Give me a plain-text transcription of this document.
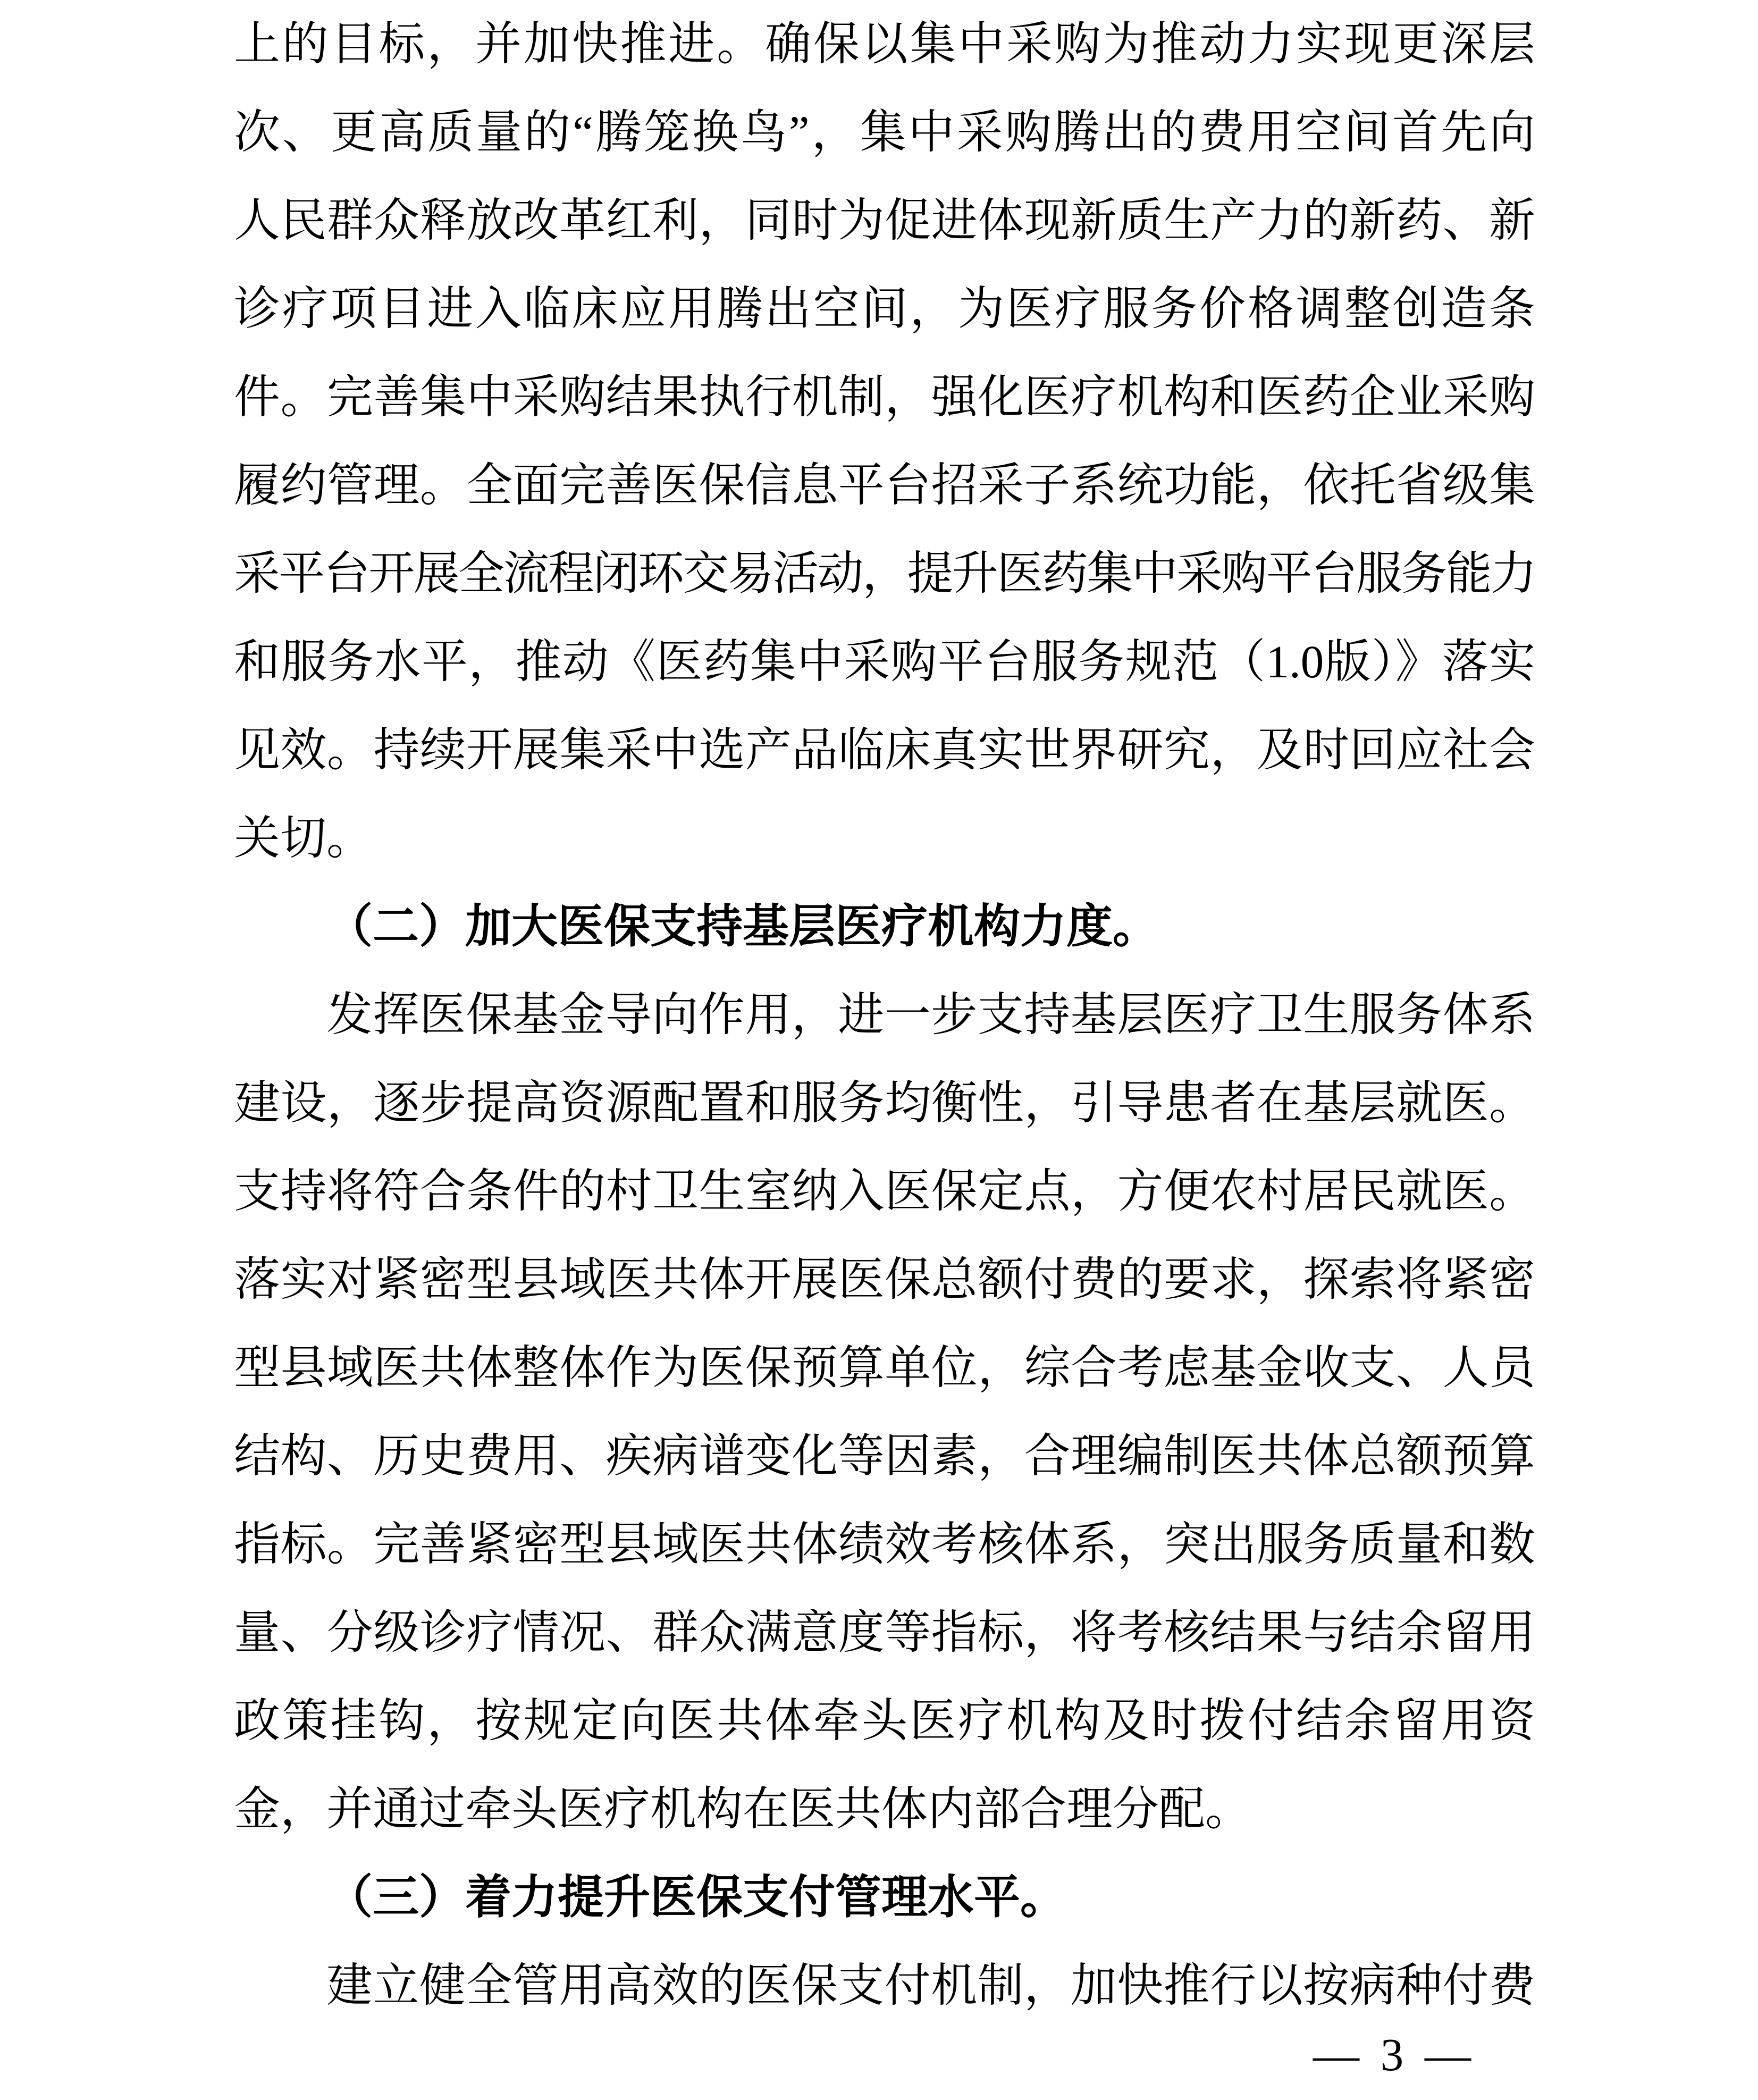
上的目标，并加快推进。确保以集中采购为推动力实现更深层
次、更高质量的“腾笼换鸟”，集中采购腾出的费用空间首先向
人民群众释放改革红利，同时为促进体现新质生产力的新药、新
诊疗项目进入临床应用腾出空间，为医疗服务价格调整创造条
件。完善集中采购结果执行机制，强化医疗机构和医药企业采购
履约管理。全面完善医保信息平台招采子系统功能，依托省级集
采平台开展全流程闭环交易活动，提升医药集中采购平台服务能力
和服务水平，推动《医药集中采购平台服务规范（1.0版）》落实
见效。持续开展集采中选产品临床真实世界研究，及时回应社会
关切。
（二）加大医保支持基层医疗机构力度。
发挥医保基金导向作用，进一步支持基层医疗卫生服务体系
建设，逐步提高资源配置和服务均衡性，引导患者在基层就医。
支持将符合条件的村卫生室纳入医保定点，方便农村居民就医。
落实对紧密型县域医共体开展医保总额付费的要求，探索将紧密
型县域医共体整体作为医保预算单位，综合考虑基金收支、人员
结构、历史费用、疾病谱变化等因素，合理编制医共体总额预算
指标。完善紧密型县域医共体绩效考核体系，突出服务质量和数
量、分级诊疗情况、群众满意度等指标，将考核结果与结余留用
政策挂钩，按规定向医共体牵头医疗机构及时拨付结余留用资
金，并通过牵头医疗机构在医共体内部合理分配。
（三）着力提升医保支付管理水平。
建立健全管用高效的医保支付机制，加快推行以按病种付费
— 3 —
